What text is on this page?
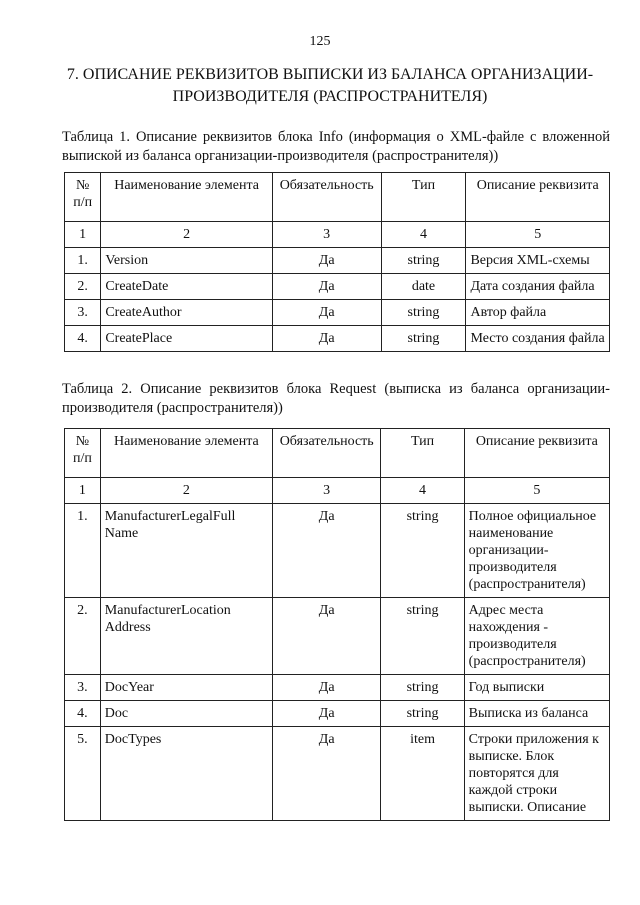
125
7. ОПИСАНИЕ РЕКВИЗИТОВ ВЫПИСКИ ИЗ БАЛАНСА ОРГАНИЗАЦИИ-
ПРОИЗВОДИТЕЛЯ (РАСПРОСТРАНИТЕЛЯ)
Таблица 1. Описание реквизитов блока Info (информация о XML-файле с вложенной выпиской из баланса организации-производителя (распространителя))
№ п/п	Наименование элемента	Обязательность	Тип	Описание реквизита
1	2	3	4	5
1.	Version	Да	string	Версия XML-схемы
2.	CreateDate	Да	date	Дата создания файла
3.	CreateAuthor	Да	string	Автор файла
4.	CreatePlace	Да	string	Место создания файла
Таблица 2. Описание реквизитов блока Request (выписка из баланса организации-производителя (распространителя))
№ п/п	Наименование элемента	Обязательность	Тип	Описание реквизита
1	2	3	4	5
1.	ManufacturerLegalFull Name	Да	string	Полное официальное наименование организации-производителя (распространителя)
2.	ManufacturerLocation Address	Да	string	Адрес места нахождения - производителя (распространителя)
3.	DocYear	Да	string	Год выписки
4.	Doc	Да	string	Выписка из баланса
5.	DocTypes	Да	item	Строки приложения к выписке. Блок повторятся для каждой строки выписки. Описание
